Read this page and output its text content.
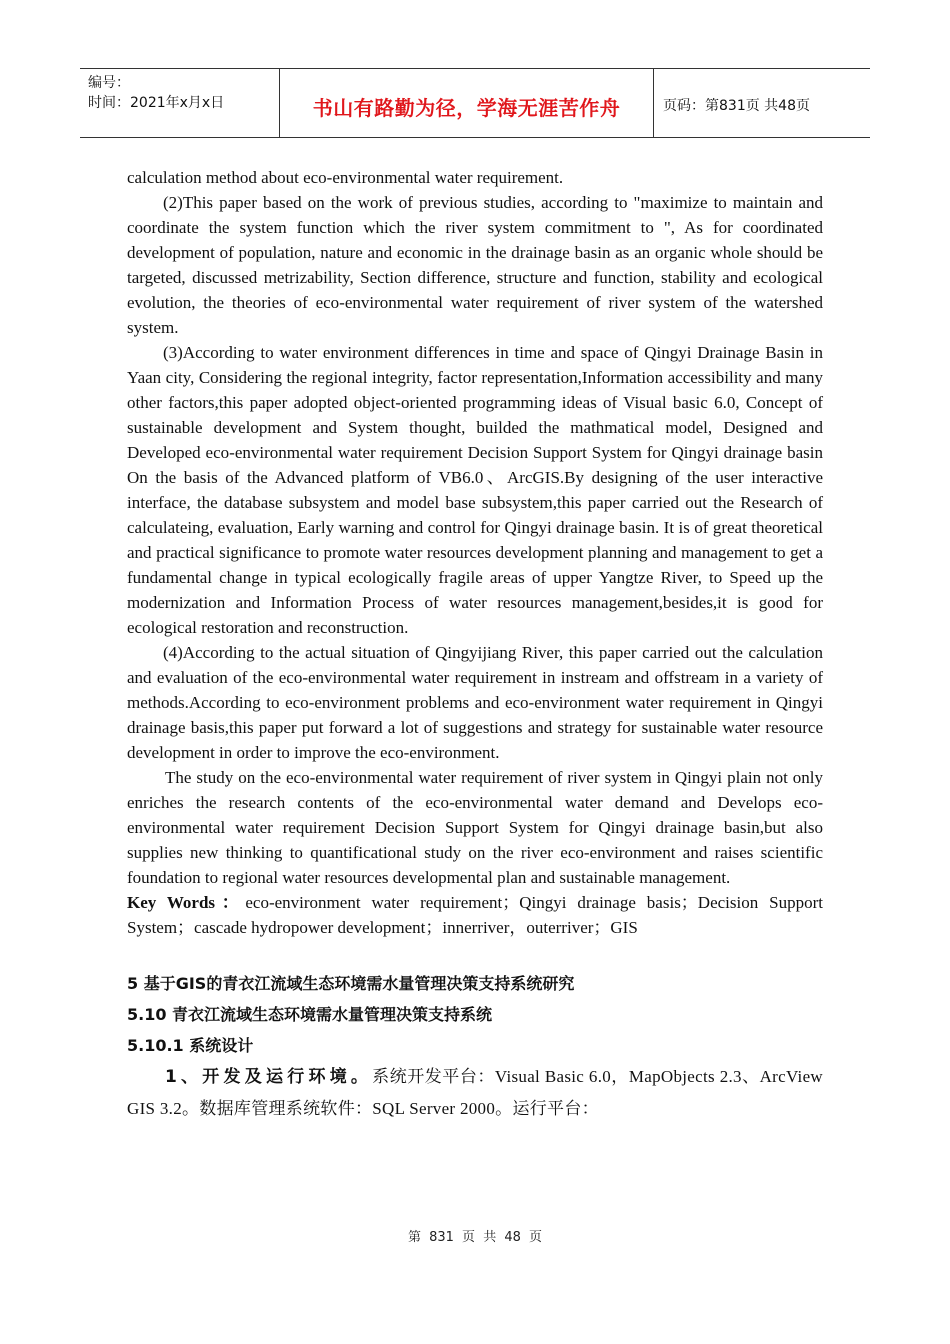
编号：
时间：2021年x月x日	书山有路勤为径，学海无涯苦作舟	页码：第831页 共48页

calculation method about eco-environmental water requirement.

(2)This paper based on the work of previous studies, according to "maximize to maintain and coordinate the system function which the river system commitment to ", As for coordinated development of population, nature and economic in the drainage basin as an organic whole should be targeted, discussed metrizability, Section difference, structure and function, stability and ecological evolution, the theories of eco-environmental water requirement of river system of the watershed system.

(3)According to water environment differences in time and space of Qingyi Drainage Basin in Yaan city, Considering the regional integrity, factor representation,Information accessibility and many other factors,this paper adopted object-oriented programming ideas of Visual basic 6.0, Concept of sustainable development and System thought, builded the mathmatical model, Designed and Developed eco-environmental water requirement Decision Support System for Qingyi drainage basin On the basis of the Advanced platform of VB6.0、ArcGIS.By designing of the user interactive interface, the database subsystem and model base subsystem,this paper carried out the Research of calculateing, evaluation, Early warning and control for Qingyi drainage basin. It is of great theoretical and practical significance to promote water resources development planning and management to get a fundamental change in typical ecologically fragile areas of upper Yangtze River, to Speed up the modernization and Information Process of water resources management,besides,it is good for ecological restoration and reconstruction.

(4)According to the actual situation of Qingyijiang River, this paper carried out the calculation and evaluation of the eco-environmental water requirement in instream and offstream in a variety of methods.According to eco-environment problems and eco-environment water requirement in Qingyi drainage basis,this paper put forward a lot of suggestions and strategy for sustainable water resource development in order to improve the eco-environment.

The study on the eco-environmental water requirement of river system in Qingyi plain not only enriches the research contents of the eco-environmental water demand and Develops eco-environmental water requirement Decision Support System for Qingyi drainage basin,but also supplies new thinking to quantificational study on the river eco-environment and raises scientific foundation to regional water resources developmental plan and sustainable management.

Key Words：eco-environment water requirement；Qingyi drainage basis；Decision Support System；cascade hydropower development；innerriver，outerriver；GIS

5 基于GIS的青衣江流域生态环境需水量管理决策支持系统研究

5.10 青衣江流域生态环境需水量管理决策支持系统

5.10.1 系统设计

1、开发及运行环境。系统开发平台：Visual Basic 6.0，MapObjects 2.3、ArcView GIS 3.2。数据库管理系统软件：SQL Server 2000。运行平台：

第 831 页 共 48 页
